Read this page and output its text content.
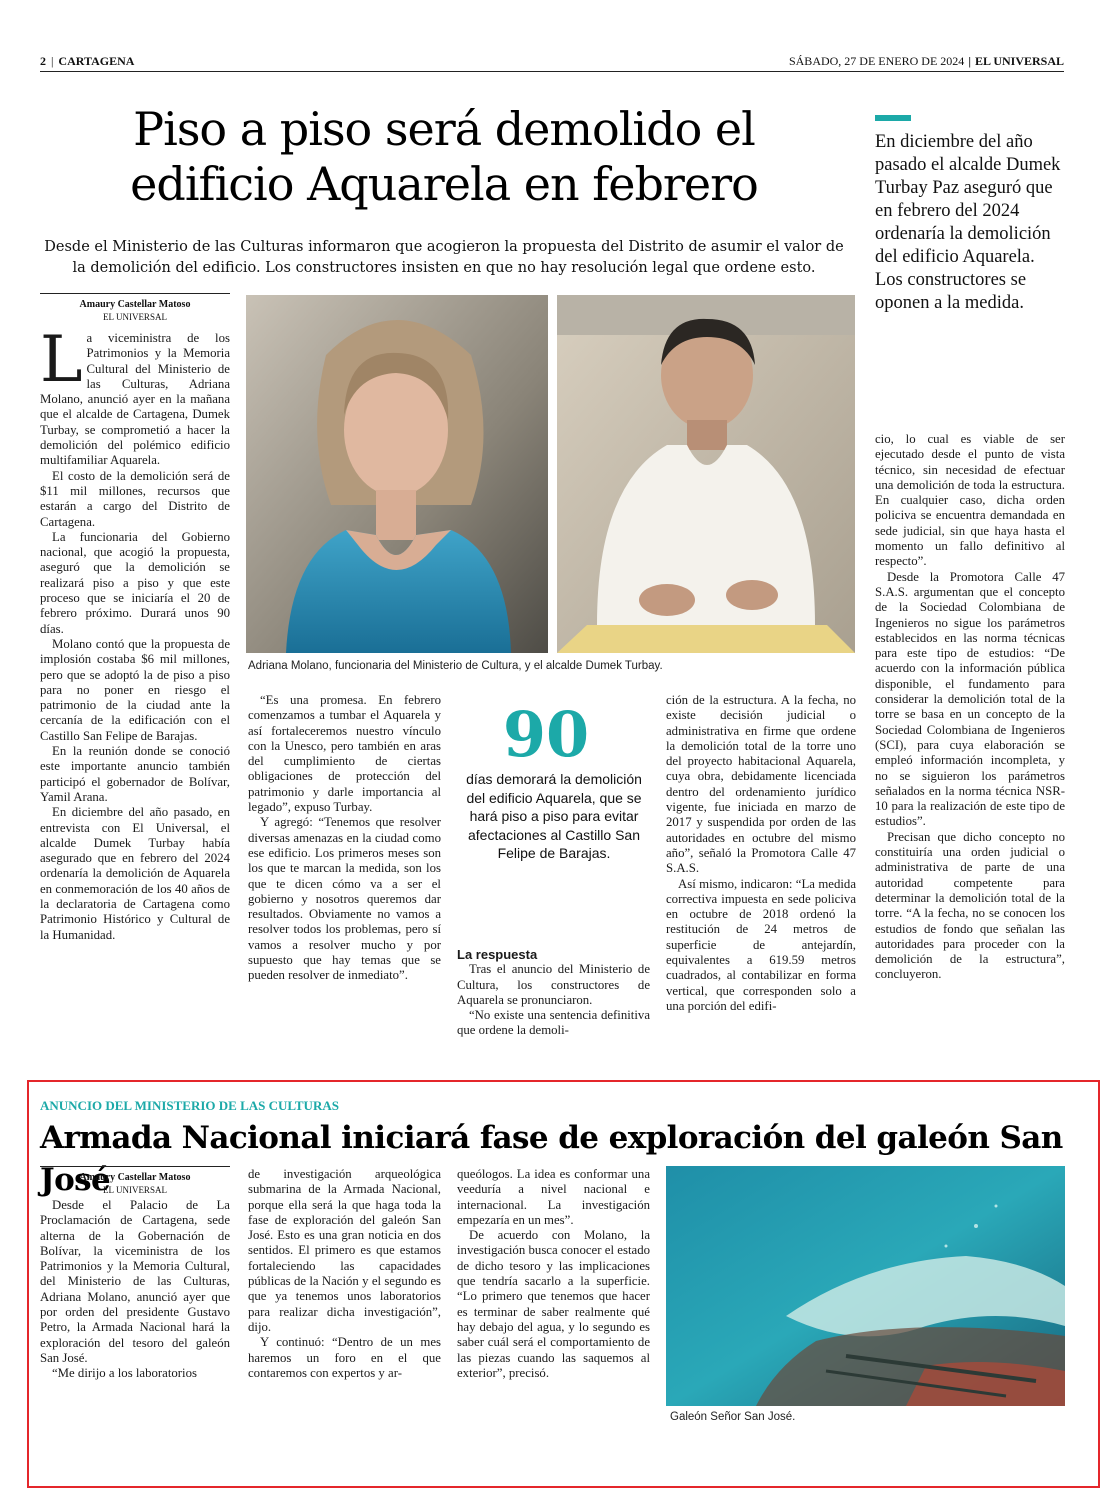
2 | CARTAGENA	SÁBADO, 27 DE ENERO DE 2024 | EL UNIVERSAL
Piso a piso será demolido el
edificio Aquarela en febrero
Desde el Ministerio de las Culturas informaron que acogieron la propuesta del Distrito de asumir el valor de la demolición del edificio. Los constructores insisten en que no hay resolución legal que ordene esto.
En diciembre del año pasado el alcalde Dumek Turbay Paz aseguró que en febrero del 2024 ordenaría la demolición del edificio Aquarela. Los constructores se oponen a la medida.
Amaury Castellar Matoso
EL UNIVERSAL

La viceministra de los Patrimonios y la Memoria Cultural del Ministerio de las Culturas, Adriana Molano, anunció ayer en la mañana que el alcalde de Cartagena, Dumek Turbay, se comprometió a hacer la demolición del polémico edificio multifamiliar Aquarela.

El costo de la demolición será de $11 mil millones, recursos que estarán a cargo del Distrito de Cartagena.

La funcionaria del Gobierno nacional, que acogió la propuesta, aseguró que la demolición se realizará piso a piso y que este proceso que se iniciaría el 20 de febrero próximo. Durará unos 90 días.

Molano contó que la propuesta de implosión costaba $6 mil millones, pero que se adoptó la de piso a piso para no poner en riesgo el patrimonio de la ciudad ante la cercanía de la edificación con el Castillo San Felipe de Barajas.

En la reunión donde se conoció este importante anuncio también participó el gobernador de Bolívar, Yamil Arana.

En diciembre del año pasado, en entrevista con El Universal, el alcalde Dumek Turbay había asegurado que en febrero del 2024 ordenaría la demolición de Aquarela en conmemoración de los 40 años de la declaratoria de Cartagena como Patrimonio Histórico y Cultural de la Humanidad.

Adriana Molano, funcionaria del Ministerio de Cultura, y el alcalde Dumek Turbay.

“Es una promesa. En febrero comenzamos a tumbar el Aquarela y así fortaleceremos nuestro vínculo con la Unesco, pero también en aras del cumplimiento de ciertas obligaciones de protección del patrimonio y darle importancia al legado”, expuso Turbay.

Y agregó: “Tenemos que resolver diversas amenazas en la ciudad como ese edificio. Los primeros meses son los que te marcan la medida, son los que te dicen cómo va a ser el gobierno y nosotros queremos dar resultados. Obviamente no vamos a resolver todos los problemas, pero sí vamos a resolver mucho y por supuesto que hay temas que se pueden resolver de inmediato”.

90
días demorará la demolición del edificio Aquarela, que se hará piso a piso para evitar afectaciones al Castillo San Felipe de Barajas.
La respuesta

Tras el anuncio del Ministerio de Cultura, los constructores de Aquarela se pronunciaron.

“No existe una sentencia definitiva que ordene la demoli-

ción de la estructura. A la fecha, no existe decisión judicial o administrativa en firme que ordene la demolición total de la torre uno del proyecto habitacional Aquarela, cuya obra, debidamente licenciada dentro del ordenamiento jurídico vigente, fue iniciada en marzo de 2017 y suspendida por orden de las autoridades en octubre del mismo año”, señaló la Promotora Calle 47 S.A.S.

Así mismo, indicaron: “La medida correctiva impuesta en sede policiva en octubre de 2018 ordenó la restitución de 24 metros de superficie de antejardín, equivalentes a 619.59 metros cuadrados, al contabilizar en forma vertical, que corresponden solo a una porción del edifi-

cio, lo cual es viable de ser ejecutado desde el punto de vista técnico, sin necesidad de efectuar una demolición de toda la estructura. En cualquier caso, dicha orden policiva se encuentra demandada en sede judicial, sin que haya hasta el momento un fallo definitivo al respecto”.

Desde la Promotora Calle 47 S.A.S. argumentan que el concepto de la Sociedad Colombiana de Ingenieros no sigue los parámetros establecidos en las norma técnicas para este tipo de estudios: “De acuerdo con la información pública disponible, el fundamento para considerar la demolición total de la torre se basa en un concepto de la Sociedad Colombiana de Ingenieros (SCI), para cuya elaboración se empleó información incompleta, y no se siguieron los parámetros señalados en la norma técnica NSR-10 para la realización de este tipo de estudios”.

Precisan que dicho concepto no constituiría una orden judicial o administrativa de parte de una autoridad competente para determinar la demolición total de la torre. “A la fecha, no se conocen los estudios de fondo que señalan las autoridades para proceder con la demolición de la estructura”, concluyeron.

ANUNCIO DEL MINISTERIO DE LAS CULTURAS
Armada Nacional iniciará fase de exploración del galeón San José
Amaury Castellar Matoso
EL UNIVERSAL

Desde el Palacio de La Proclamación de Cartagena, sede alterna de la Gobernación de Bolívar, la viceministra de los Patrimonios y la Memoria Cultural, del Ministerio de las Culturas, Adriana Molano, anunció ayer que por orden del presidente Gustavo Petro, la Armada Nacional hará la exploración del tesoro del galeón San José.

“Me dirijo a los laboratorios

de investigación arqueológica submarina de la Armada Nacional, porque ella será la que haga toda la fase de exploración del galeón San José. Esto es una gran noticia en dos sentidos. El primero es que estamos fortaleciendo las capacidades públicas de la Nación y el segundo es que ya tenemos unos laboratorios para realizar dicha investigación”, dijo.

Y continuó: “Dentro de un mes haremos un foro en el que contaremos con expertos y ar-

queólogos. La idea es conformar una veeduría a nivel nacional e internacional. La investigación empezaría en un mes”.

De acuerdo con Molano, la investigación busca conocer el estado de dicho tesoro y las implicaciones que tendría sacarlo a la superficie. “Lo primero que tenemos que hacer es terminar de saber realmente qué hay debajo del agua, y lo segundo es saber cuál será el comportamiento de las piezas cuando las saquemos al exterior”, precisó.

Galeón Señor San José.
